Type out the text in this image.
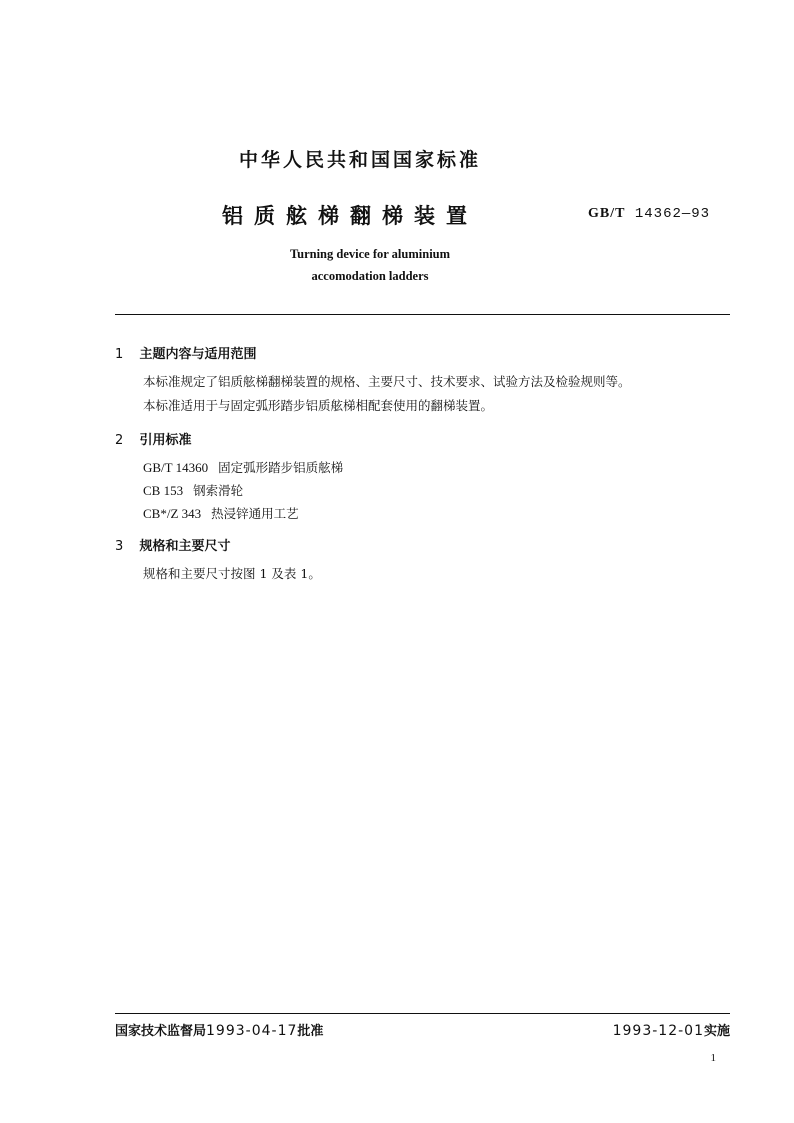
中华人民共和国国家标准
铝质舷梯翻梯装置	GB/T 14362—93
Turning device for aluminium
accomodation ladders
1 主题内容与适用范围
本标准规定了铝质舷梯翻梯装置的规格、主要尺寸、技术要求、试验方法及检验规则等。
本标准适用于与固定弧形踏步铝质舷梯相配套使用的翻梯装置。
2 引用标准
GB/T 14360 固定弧形踏步铝质舷梯
CB 153 钢索滑轮
CB*/Z 343 热浸锌通用工艺
3 规格和主要尺寸
规格和主要尺寸按图 1 及表 1。
国家技术监督局1993-04-17批准	1993-12-01实施
1
